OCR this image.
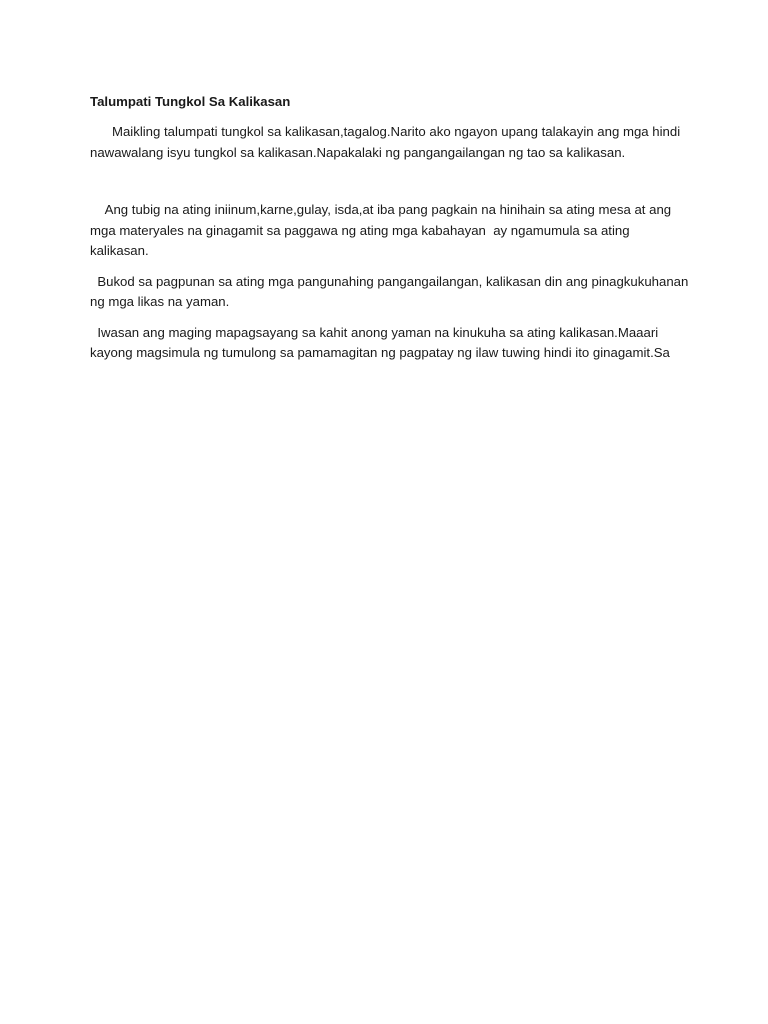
Talumpati Tungkol Sa Kalikasan
Maikling talumpati tungkol sa kalikasan,tagalog.Narito ako ngayon upang talakayin ang mga hindi nawawalang isyu tungkol sa kalikasan.Napakalaki ng pangangailangan ng tao sa kalikasan.
Ang tubig na ating iniinum,karne,gulay, isda,at iba pang pagkain na hinihain sa ating mesa at ang mga materyales na ginagamit sa paggawa ng ating mga kabahayan  ay ngamumula sa ating kalikasan.
Bukod sa pagpunan sa ating mga pangunahing pangangailangan, kalikasan din ang pinagkukuhanan ng mga likas na yaman.
Iwasan ang maging mapagsayang sa kahit anong yaman na kinukuha sa ating kalikasan.Maaari kayong magsimula ng tumulong sa pamamagitan ng pagpatay ng ilaw tuwing hindi ito ginagamit.Sa
